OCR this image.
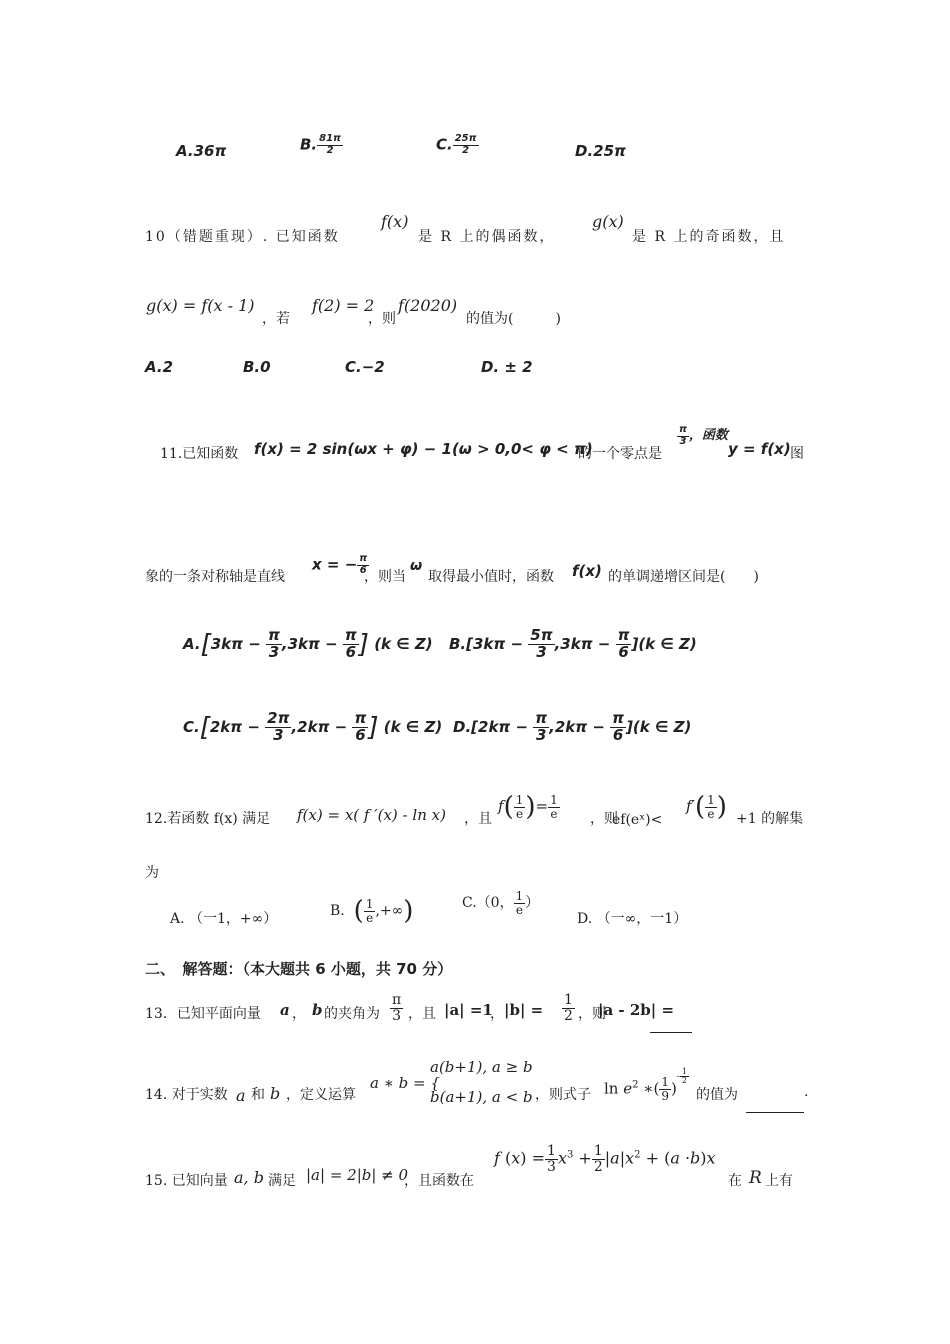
A.36π	B. $\frac{81\pi}{2}$	C. $\frac{25\pi}{2}$	D.25π
10（错题重现）. 已知函数
f(x)
是 R 上的偶函数，
g(x)
是 R 上的奇函数，且
g(x) = f(x - 1)
，若
f(2) = 2
，则
f(2020)
的值为(　　　)
A.2	B.0	C.−2	D. ± 2
11.已知函数 f(x) = 2 sin(ωx + φ) − 1(ω > 0,0< φ < π)
的一个零点是
$\frac{\pi}{3}$ ，函数
y = f(x) 图
象的一条对称轴是直线
x = − $\frac{\pi}{6}$
，则当
ω
取得最小值时，函数 f(x) 的单调递增区间是(　　)
$A.[3k\pi - \frac{\pi}{3} ,3k\pi - \frac{\pi}{6}$ ] (k ∈ Z) $B.[3k\pi - \frac{5\pi}{3} ,3k\pi - \frac{\pi}{6} ](k$ ∈ Z)
$C.[2k\pi - \frac{2\pi}{3} ,2k\pi - \frac{\pi}{6}$ ] (k ∈ Z) $D.[2k\pi - \frac{\pi}{3} ,2k\pi - \frac{\pi}{6} ](k$ ∈ Z)
12.若函数 f(x) 满足 f(x) = x( f ′(x) - ln x) ，且
$f( \frac{1}{e}$ )= $\frac{1}{e}$ ，则
ef(eˣ)<
$f'( \frac{1}{e}$ ) +1 的解集
为
A. （一1，+∞）	B. ( $\frac{1}{e}$ ,+∞)	C.（0， $\frac{1}{e}$ ）
D. （一∞，一1）
二、　解答题：（本大题共 6 小题，共 70 分）
13．已知平面向量 a ， b 的夹角为 $\frac{\pi}{3}$ ，且 |a| =1
， $|b| = \frac{1}{2}$ ，则
|a - 2b| =
14. 对于实数 a 和 b ，定义运算
a ∗ b = {
a(b+1), a ≥ b
b(a+1), a < b ，则式子 $\ln e^2$ ∗( $\frac{1}{9} )^{- \frac{1}{2}}$
的值为	.
15. 已知向量 a, b 满足 |a| = 2|b| ≠ 0
，且函数在
f $(x) = \frac{1}{3} x^3 + \frac{1}{2} |a|x^2 + (a \cdot b)x$
在 R 上有
